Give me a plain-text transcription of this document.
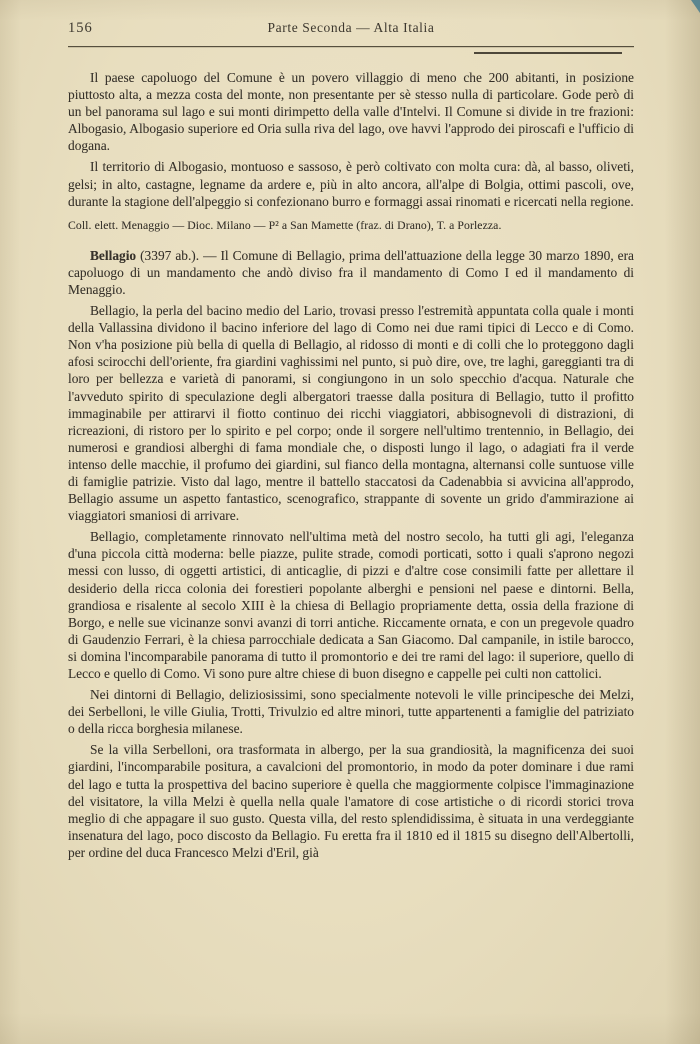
156	Parte Seconda — Alta Italia

Il paese capoluogo del Comune è un povero villaggio di meno che 200 abitanti, in posizione piuttosto alta, a mezza costa del monte, non presentante per sè stesso nulla di particolare. Gode però di un bel panorama sul lago e sui monti dirimpetto della valle d'Intelvi. Il Comune si divide in tre frazioni: Albogasio, Albogasio superiore ed Oria sulla riva del lago, ove havvi l'approdo dei piroscafi e l'ufficio di dogana.

Il territorio di Albogasio, montuoso e sassoso, è però coltivato con molta cura: dà, al basso, oliveti, gelsi; in alto, castagne, legname da ardere e, più in alto ancora, all'alpe di Bolgia, ottimi pascoli, ove, durante la stagione dell'alpeggio si confezionano burro e formaggi assai rinomati e ricercati nella regione.

Coll. elett. Menaggio — Dioc. Milano — P² a San Mamette (fraz. di Drano), T. a Porlezza.

Bellagio (3397 ab.). — Il Comune di Bellagio, prima dell'attuazione della legge 30 marzo 1890, era capoluogo di un mandamento che andò diviso fra il mandamento di Como I ed il mandamento di Menaggio.

Bellagio, la perla del bacino medio del Lario, trovasi presso l'estremità appuntata colla quale i monti della Vallassina dividono il bacino inferiore del lago di Como nei due rami tipici di Lecco e di Como. Non v'ha posizione più bella di quella di Bellagio, al ridosso di monti e di colli che lo proteggono dagli afosi scirocchi dell'oriente, fra giardini vaghissimi nel punto, si può dire, ove, tre laghi, gareggianti tra di loro per bellezza e varietà di panorami, si congiungono in un solo specchio d'acqua. Naturale che l'avveduto spirito di speculazione degli albergatori traesse dalla positura di Bellagio, tutto il profitto immaginabile per attirarvi il fiotto continuo dei ricchi viaggiatori, abbisognevoli di distrazioni, di ricreazioni, di ristoro per lo spirito e pel corpo; onde il sorgere nell'ultimo trentennio, in Bellagio, dei numerosi e grandiosi alberghi di fama mondiale che, o disposti lungo il lago, o adagiati fra il verde intenso delle macchie, il profumo dei giardini, sul fianco della montagna, alternansi colle suntuose ville di famiglie patrizie. Visto dal lago, mentre il battello staccatosi da Cadenabbia si avvicina all'approdo, Bellagio assume un aspetto fantastico, scenografico, strappante di sovente un grido d'ammirazione ai viaggiatori smaniosi di arrivare.

Bellagio, completamente rinnovato nell'ultima metà del nostro secolo, ha tutti gli agi, l'eleganza d'una piccola città moderna: belle piazze, pulite strade, comodi porticati, sotto i quali s'aprono negozi messi con lusso, di oggetti artistici, di anticaglie, di pizzi e d'altre cose consimili fatte per allettare il desiderio della ricca colonia dei forestieri popolante alberghi e pensioni nel paese e dintorni. Bella, grandiosa e risalente al secolo XIII è la chiesa di Bellagio propriamente detta, ossia della frazione di Borgo, e nelle sue vicinanze sonvi avanzi di torri antiche. Riccamente ornata, e con un pregevole quadro di Gaudenzio Ferrari, è la chiesa parrocchiale dedicata a San Giacomo. Dal campanile, in istile barocco, si domina l'incomparabile panorama di tutto il promontorio e dei tre rami del lago: il superiore, quello di Lecco e quello di Como. Vi sono pure altre chiese di buon disegno e cappelle pei culti non cattolici.

Nei dintorni di Bellagio, deliziosissimi, sono specialmente notevoli le ville principesche dei Melzi, dei Serbelloni, le ville Giulia, Trotti, Trivulzio ed altre minori, tutte appartenenti a famiglie del patriziato o della ricca borghesia milanese.

Se la villa Serbelloni, ora trasformata in albergo, per la sua grandiosità, la magnificenza dei suoi giardini, l'incomparabile positura, a cavalcioni del promontorio, in modo da poter dominare i due rami del lago e tutta la prospettiva del bacino superiore è quella che maggiormente colpisce l'immaginazione del visitatore, la villa Melzi è quella nella quale l'amatore di cose artistiche o di ricordi storici trova meglio di che appagare il suo gusto. Questa villa, del resto splendidissima, è situata in una verdeggiante insenatura del lago, poco discosto da Bellagio. Fu eretta fra il 1810 ed il 1815 su disegno dell'Albertolli, per ordine del duca Francesco Melzi d'Eril, già
